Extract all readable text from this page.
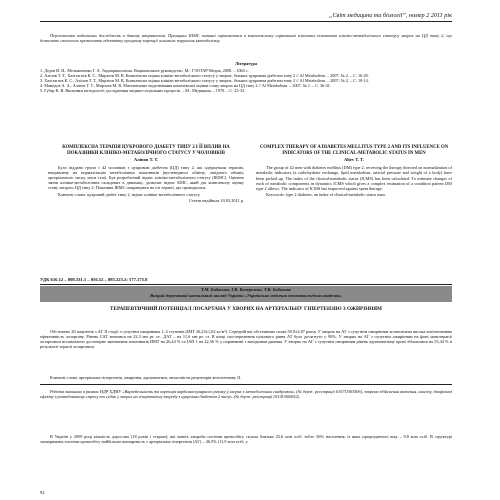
„Світ медицини та біології”, номер 2 2011 рік
Перспективи подальших досліджень в даному напрямленні. Принципи ШМС повинні оцінюватися в комплексному оцінюванні ключових показників клініко-метаболічного статусу хворих на ЦД типу 2, що дозволить своєчасно призначати адекватну програму корекції основних порушень метаболізму.
Література
1. Дедов И. И., Мельниченко Г. А. Эндокринология. Национальное руководство. М.: ГЭОТАР-Медиа, 2008. – 1064 с.
2. Аліпов Т. Т., Хахітагаєв К. С., Мирзоєв М. В. Комплексна оцінка клініко-метаболічного статусу у хворих, більних цукровим діабетом типу 2 // Al Metabolism. – 2007; № 2. – С. 16-20.
3. Хахітагаєв К. С., Аліпов Т. Т., Мирзоєв М. В. Комплексна оцінка клініко-метаболічного статусу у хворих, більних цукровим діабетом типу 2 // Al Metabolism. – 2007; № 2. – С. 10-14.
4. Мамедов А. А., Аліпов Т. Т., Мирзоєв М. В. Математичне моделювання комплексної оцінки стану хворих на ЦД типу 2 // Al Metabolism. – 2007, № 1. – С. 36-41.
5. Губер К. В. Висновки методології дослідження медико-соціальних процесів. – М.: Медицина. – 1970. – С. 25-33.
КОМПЛЕКСНА ТЕРАПІЯ ЦУКРОВОГО ДІАБЕТУ ТИПУ 2 І ЇЇ ВПЛИВ НА ПОКАЗНИКИ КЛІНІКО-МЕТАБОЛІЧНОГО СТАТУСУ У ЧОЛОВІКІВ
Аліпов Т. Т.
Було піддано групи з 42 чоловіків з цукровим діабетом (ЦД) типу 2, які одержували терапію, направлену на нормалізацію метаболічних показників (вуглеводного обміну, ліпідного обміну, артеріального тиску, маси тіла). Був розроблений індекс клініко-метаболічного статусу (ІКМС). Оцінено зміни клініко-метаболічних складових в динаміці, дозволяє індекс КМС, який дає комплексну оцінку стану хворого ЦД типу 2. Показник ІКМС покращився на тлі терапії, що проводилася.
Ключові слова: цукровий діабет типу 2, індекс клініко-метаболічного статусу.
Стаття надійшла 10.03.2011 р.
COMPLEX THERAPY OF A DIABETES MELLITUS TYPE 2 AND ITS INFLUENCE ON INDICATORS OF THE CLINICAL-METABOLIC STATUS IN MEN
Aliev T. T.
The group of 42 men with diabetes mellitus (DM) type 2, receiving the therapy directed on normalization of metabolic indicators (a carbohydrate exchange, lipid metabolism, arterial pressure and weight of a body) have been picked up. The index of the clinical-metabolic status (ICMS) has been calculated. To estimate changes of each of metabolic components in dynamics ICMS which gives a complex estimation of a condition patient DM type 2 allows. The indicator of ICMS has improved against spent therapy.
Keywords: type 2 diabetes, an index of clinical-metabolic status man.
УДК 616.12 – 008.331.1 – 056.52 – 085.225.2: 577.175.8
Т.М. Бабаєнко, І.В. Кочережко, Т.В. Бабаєнко
Вищий державний навчальний заклад України «Українська медична стоматологічна академія»
ТЕРАПЕВТИЧНИЙ ПОТЕНЦІАЛ ЛОСАРТАНА У ХВОРИХ НА АРТЕРІАЛЬНУ ГІПЕРТЕНЗІЮ З ОЖИРІННЯМ
Обстежено 20 пацієнтів з АГ ІІ стадії з супутнім ожирінням 1–3 ступенів (ІМТ 36,23±1,02 кг/м²). Середній вік обстежених склав 50,9±2,87 років. У хворих на АГ з супутнім ожирінням встановлена висока ангіотензивна ефективність лозартану. Рівень САТ знизився на 22,3 мм рт. ст., ДАТ – на 11,6 мм рт. ст. В кінці спостереження цільового рівня АТ було досягнуто у 90%. У хворих на АГ з супутнім ожирінням на фоні монотерапії лозартаном встановлено достовірне зменшення показників ИМТ на 26,44 % та ІАП 1 на 22,56 % у порівнянні з вихідними даними. У хворих на АГ з супутнім ожирінням рівень адипонектину крові збільшився на 53,44 % в результаті терапії лозартаном.
Ключові слова: артеріальна гіпертензія, ожиріння, адипонектин, антагоністи рецепторів ангіотензину ІІ.
Робота виконана в рамках НДР ХДМУ «Варіабельність та корекція кардіоваскулярного ризику у хворих з метаболічним синдромом» (№ держ. реєстрації 0107U003506), зокрема здійснення вивчення, аналізу, двофазної ефекту в розвадованому стресу та судин у хворих на гіпертонічну хворобу з цукровим діабетом 2 типу» (№ держ. реєстрації 0110U000652).
В Україні у 2009 році кількість дорослих (18 років і старше), які мають хвороби системи кровообігу склала близько 25,6 млн осіб, тобто 56% населення, із яких працездатного віку – 9,8 млн осіб. В структурі захворювань системи кровообігу найбільша поширеність є артеріальна гіпертензія (АГ) – 46,5% (11,9 млн осіб, у
92
